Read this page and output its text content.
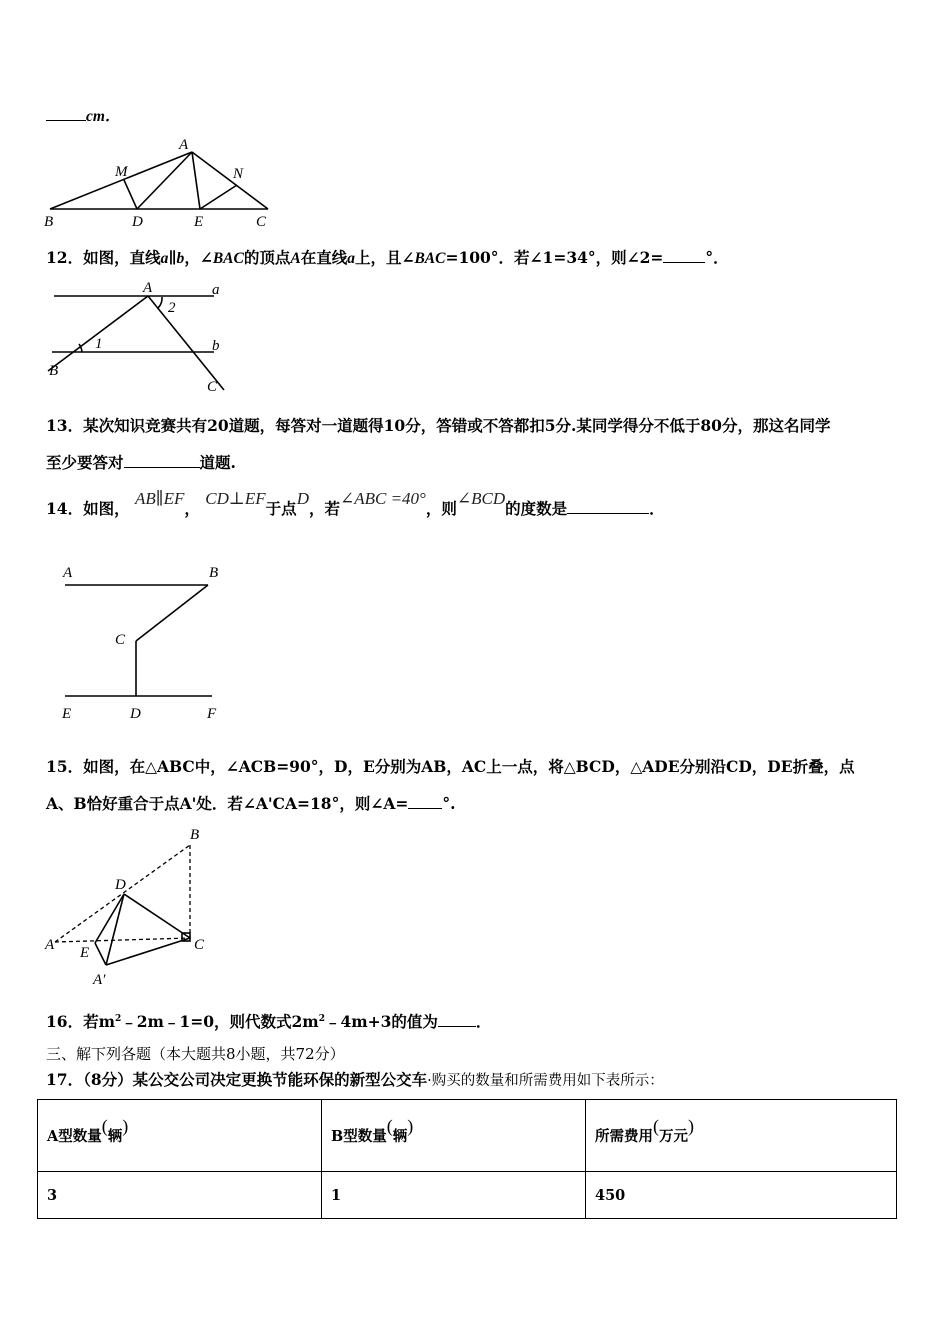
cm．
A
M	N
B	D	E	C
12．如图，直线a∥b，∠BAC的顶点A在直线a上，且∠BAC=100°．若∠1=34°，则∠2=	°．
A	a
2
1	b
B
C
13．某次知识竞赛共有20道题，每答对一道题得10分，答错或不答都扣5分.某同学得分不低于80分，那这名同学
至少要答对	道题.
14．如图， AB∥EF， CD⊥EF于点D，若∠ABC =40°，则∠BCD的度数是	．
A	B
C
E	D	F
15．如图，在△ABC中，∠ACB=90°，D，E分别为AB，AC上一点，将△BCD，△ADE分别沿CD，DE折叠，点
A、B恰好重合于点A'处．若∠A'CA=18°，则∠A= °.
B
D
A	C
E
A′
16．若$m^2﹣2m﹣1=0$，则代数式$2m^2﹣4m+3$的值为 ．
三、解下列各题（本大题共8小题，共72分）
17．（8分）某公交公司决定更换节能环保的新型公交车·购买的数量和所需费用如下表所示：
A型数量(辆)	B型数量(辆)	所需费用(万元)
3	1	450
